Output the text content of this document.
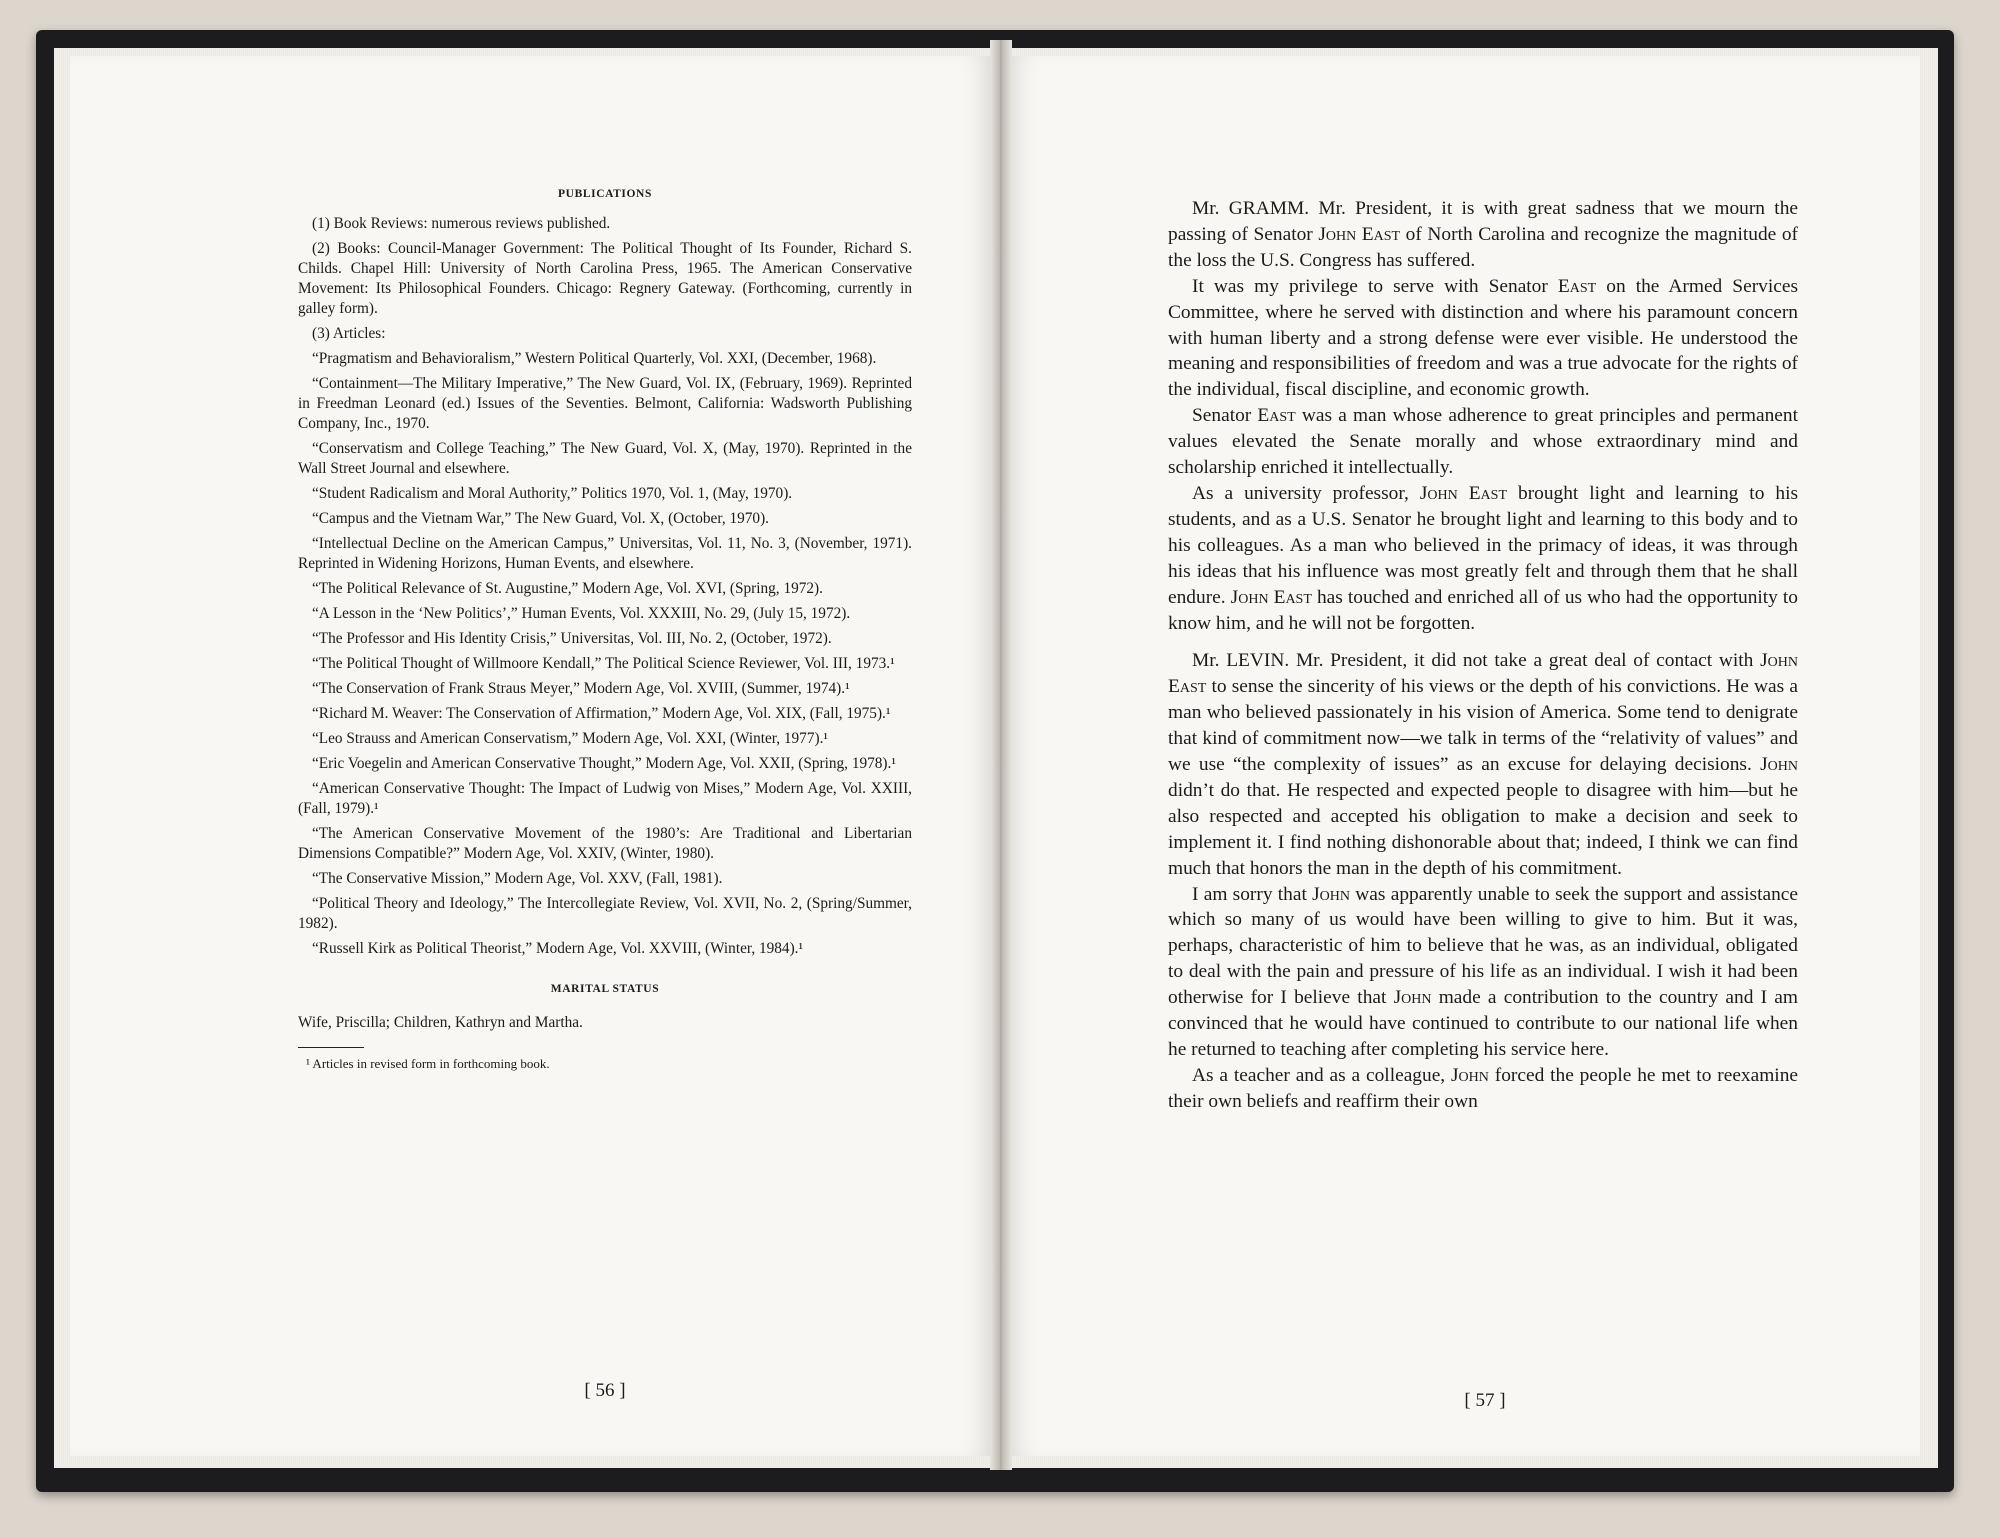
PUBLICATIONS

(1) Book Reviews: numerous reviews published.

(2) Books: Council-Manager Government: The Political Thought of Its Founder, Richard S. Childs. Chapel Hill: University of North Carolina Press, 1965. The American Conservative Movement: Its Philosophical Founders. Chicago: Regnery Gateway. (Forthcoming, currently in galley form).

(3) Articles:

“Pragmatism and Behavioralism,” Western Political Quarterly, Vol. XXI, (December, 1968).

“Containment—The Military Imperative,” The New Guard, Vol. IX, (February, 1969). Reprinted in Freedman Leonard (ed.) Issues of the Seventies. Belmont, California: Wadsworth Publishing Company, Inc., 1970.

“Conservatism and College Teaching,” The New Guard, Vol. X, (May, 1970). Reprinted in the Wall Street Journal and elsewhere.

“Student Radicalism and Moral Authority,” Politics 1970, Vol. 1, (May, 1970).

“Campus and the Vietnam War,” The New Guard, Vol. X, (October, 1970).

“Intellectual Decline on the American Campus,” Universitas, Vol. 11, No. 3, (November, 1971). Reprinted in Widening Horizons, Human Events, and elsewhere.

“The Political Relevance of St. Augustine,” Modern Age, Vol. XVI, (Spring, 1972).

“A Lesson in the ‘New Politics’,” Human Events, Vol. XXXIII, No. 29, (July 15, 1972).

“The Professor and His Identity Crisis,” Universitas, Vol. III, No. 2, (October, 1972).

“The Political Thought of Willmoore Kendall,” The Political Science Reviewer, Vol. III, 1973.¹

“The Conservation of Frank Straus Meyer,” Modern Age, Vol. XVIII, (Summer, 1974).¹

“Richard M. Weaver: The Conservation of Affirmation,” Modern Age, Vol. XIX, (Fall, 1975).¹

“Leo Strauss and American Conservatism,” Modern Age, Vol. XXI, (Winter, 1977).¹

“Eric Voegelin and American Conservative Thought,” Modern Age, Vol. XXII, (Spring, 1978).¹

“American Conservative Thought: The Impact of Ludwig von Mises,” Modern Age, Vol. XXIII, (Fall, 1979).¹

“The American Conservative Movement of the 1980’s: Are Traditional and Libertarian Dimensions Compatible?” Modern Age, Vol. XXIV, (Winter, 1980).

“The Conservative Mission,” Modern Age, Vol. XXV, (Fall, 1981).

“Political Theory and Ideology,” The Intercollegiate Review, Vol. XVII, No. 2, (Spring/Summer, 1982).

“Russell Kirk as Political Theorist,” Modern Age, Vol. XXVIII, (Winter, 1984).¹

MARITAL STATUS

Wife, Priscilla; Children, Kathryn and Martha.

¹ Articles in revised form in forthcoming book.

[ 56 ]

Mr. GRAMM. Mr. President, it is with great sadness that we mourn the passing of Senator John East of North Carolina and recognize the magnitude of the loss the U.S. Congress has suffered.

It was my privilege to serve with Senator East on the Armed Services Committee, where he served with distinction and where his paramount concern with human liberty and a strong defense were ever visible. He understood the meaning and responsibilities of freedom and was a true advocate for the rights of the individual, fiscal discipline, and economic growth.

Senator East was a man whose adherence to great principles and permanent values elevated the Senate morally and whose extraordinary mind and scholarship enriched it intellectually.

As a university professor, John East brought light and learning to his students, and as a U.S. Senator he brought light and learning to this body and to his colleagues. As a man who believed in the primacy of ideas, it was through his ideas that his influence was most greatly felt and through them that he shall endure. John East has touched and enriched all of us who had the opportunity to know him, and he will not be forgotten.

Mr. LEVIN. Mr. President, it did not take a great deal of contact with John East to sense the sincerity of his views or the depth of his convictions. He was a man who believed passionately in his vision of America. Some tend to denigrate that kind of commitment now—we talk in terms of the “relativity of values” and we use “the complexity of issues” as an excuse for delaying decisions. John didn’t do that. He respected and expected people to disagree with him—but he also respected and accepted his obligation to make a decision and seek to implement it. I find nothing dishonorable about that; indeed, I think we can find much that honors the man in the depth of his commitment.

I am sorry that John was apparently unable to seek the support and assistance which so many of us would have been willing to give to him. But it was, perhaps, characteristic of him to believe that he was, as an individual, obligated to deal with the pain and pressure of his life as an individual. I wish it had been otherwise for I believe that John made a contribution to the country and I am convinced that he would have continued to contribute to our national life when he returned to teaching after completing his service here.

As a teacher and as a colleague, John forced the people he met to reexamine their own beliefs and reaffirm their own

[ 57 ]
